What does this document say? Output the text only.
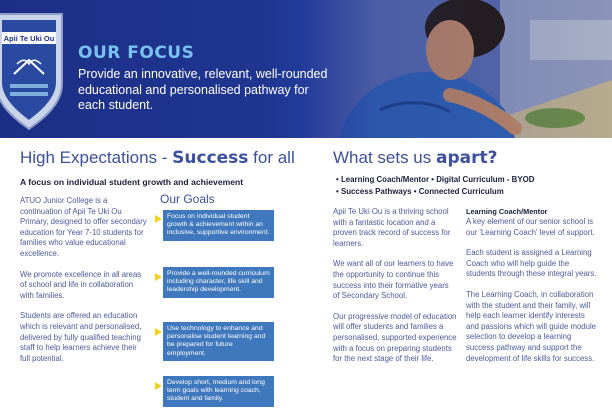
Apii Te Uki Ou
OUR FOCUS
Provide an innovative, relevant, well-rounded educational and personalised pathway for each student.
High Expectations - Success for all
A focus on individual student growth and achievement

ATUO Junior College is a continuation of Apii Te Uki Ou Primary, designed to offer secondary education for Year 7-10 students for families who value educational excellence.

We promote excellence in all areas of school and life in collaboration with families.

Students are offered an education which is relevant and personalised, delivered by fully qualified teaching staff to help learners achieve their full potential.

Our Goals
Focus on individual student growth & achievement within an inclusive, supportive environment.
Provide a well-rounded curriculum including character, life skill and leadership development.
Use technology to enhance and personalise student learning and be prepared for future employment.
Develop short, medium and long term goals with learning coach, student and family.
What sets us apart?
• Learning Coach/Mentor • Digital Curriculum - BYOD
• Success Pathways • Connected Curriculum

Apii Te Uki Ou is a thriving school with a fantastic location and a proven track record of success for learners.

We want all of our learners to have the opportunity to continue this success into their formative years of Secondary School.

Our progressive model of education will offer students and families a personalised, supported experience with a focus on preparing students for the next stage of their life.

Learning Coach/Mentor

A key element of our senior school is our 'Learning Coach' level of support.

Each student is assigned a Learning Coach who will help guide the students through these integral years.

The Learning Coach, in collaboration with the student and their family, will help each learner identify interests and passions which will guide module selection to develop a learning success pathway and support the development of life skills for success.
